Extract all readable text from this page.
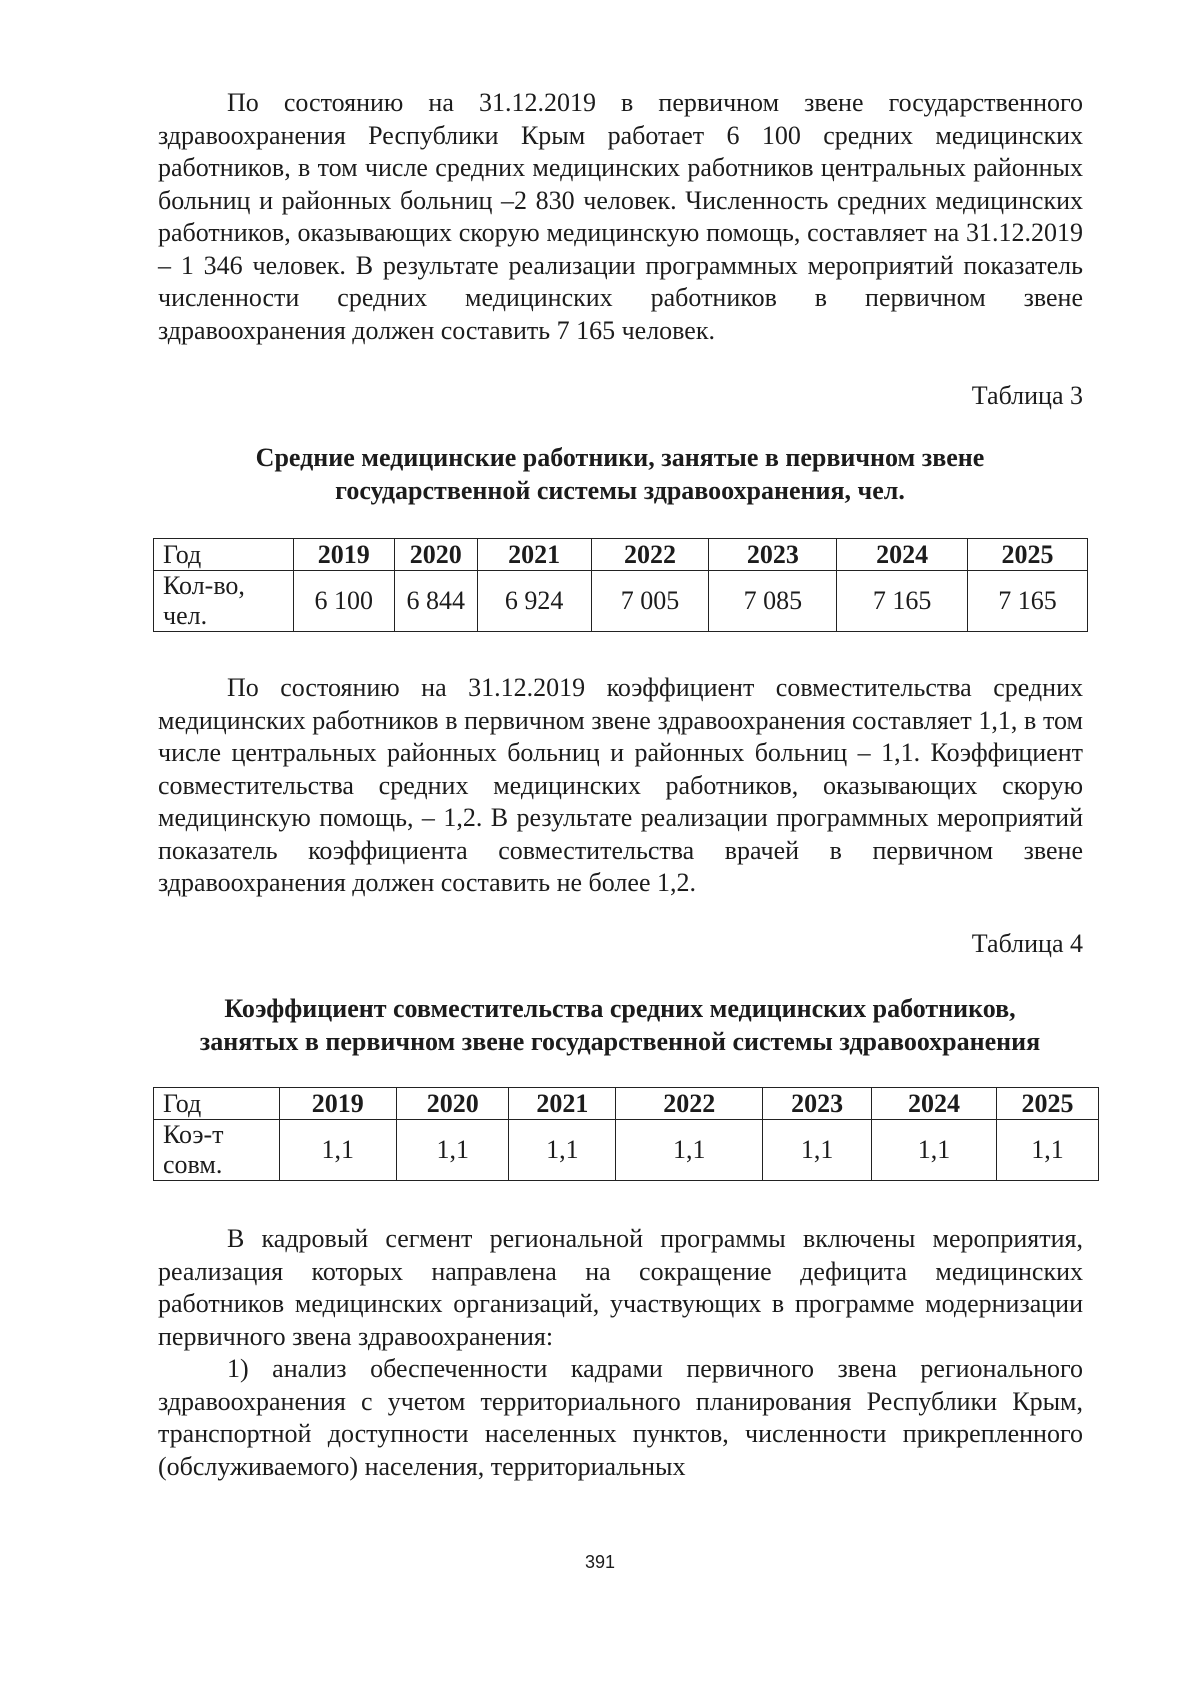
По состоянию на 31.12.2019 в первичном звене государственного здравоохранения Республики Крым работает 6 100 средних медицинских работников, в том числе средних медицинских работников центральных районных больниц и районных больниц –2 830 человек. Численность средних медицинских работников, оказывающих скорую медицинскую помощь, составляет на 31.12.2019 – 1 346 человек. В результате реализации программных мероприятий показатель численности средних медицинских работников в первичном звене здравоохранения должен составить 7 165 человек.

Таблица 3

Средние медицинские работники, занятые в первичном звене
государственной системы здравоохранения, чел.
Год	2019	2020	2021	2022	2023	2024	2025

Кол-во,
чел.	6 100	6 844	6 924	7 005	7 085	7 165	7 165

По состоянию на 31.12.2019 коэффициент совместительства средних медицинских работников в первичном звене здравоохранения составляет 1,1, в том числе центральных районных больниц и районных больниц – 1,1. Коэффициент совместительства средних медицинских работников, оказывающих скорую медицинскую помощь, – 1,2. В результате реализации программных мероприятий показатель коэффициента совместительства врачей в первичном звене здравоохранения должен составить не более 1,2.

Таблица 4

Коэффициент совместительства средних медицинских работников,
занятых в первичном звене государственной системы здравоохранения
Год	2019	2020	2021	2022	2023	2024	2025

Коэ-т
совм.	1,1	1,1	1,1	1,1	1,1	1,1	1,1

В кадровый сегмент региональной программы включены мероприятия, реализация которых направлена на сокращение дефицита медицинских работников медицинских организаций, участвующих в программе модернизации первичного звена здравоохранения:

1) анализ обеспеченности кадрами первичного звена регионального здравоохранения с учетом территориального планирования Республики Крым, транспортной доступности населенных пунктов, численности прикрепленного (обслуживаемого) населения, территориальных

391
